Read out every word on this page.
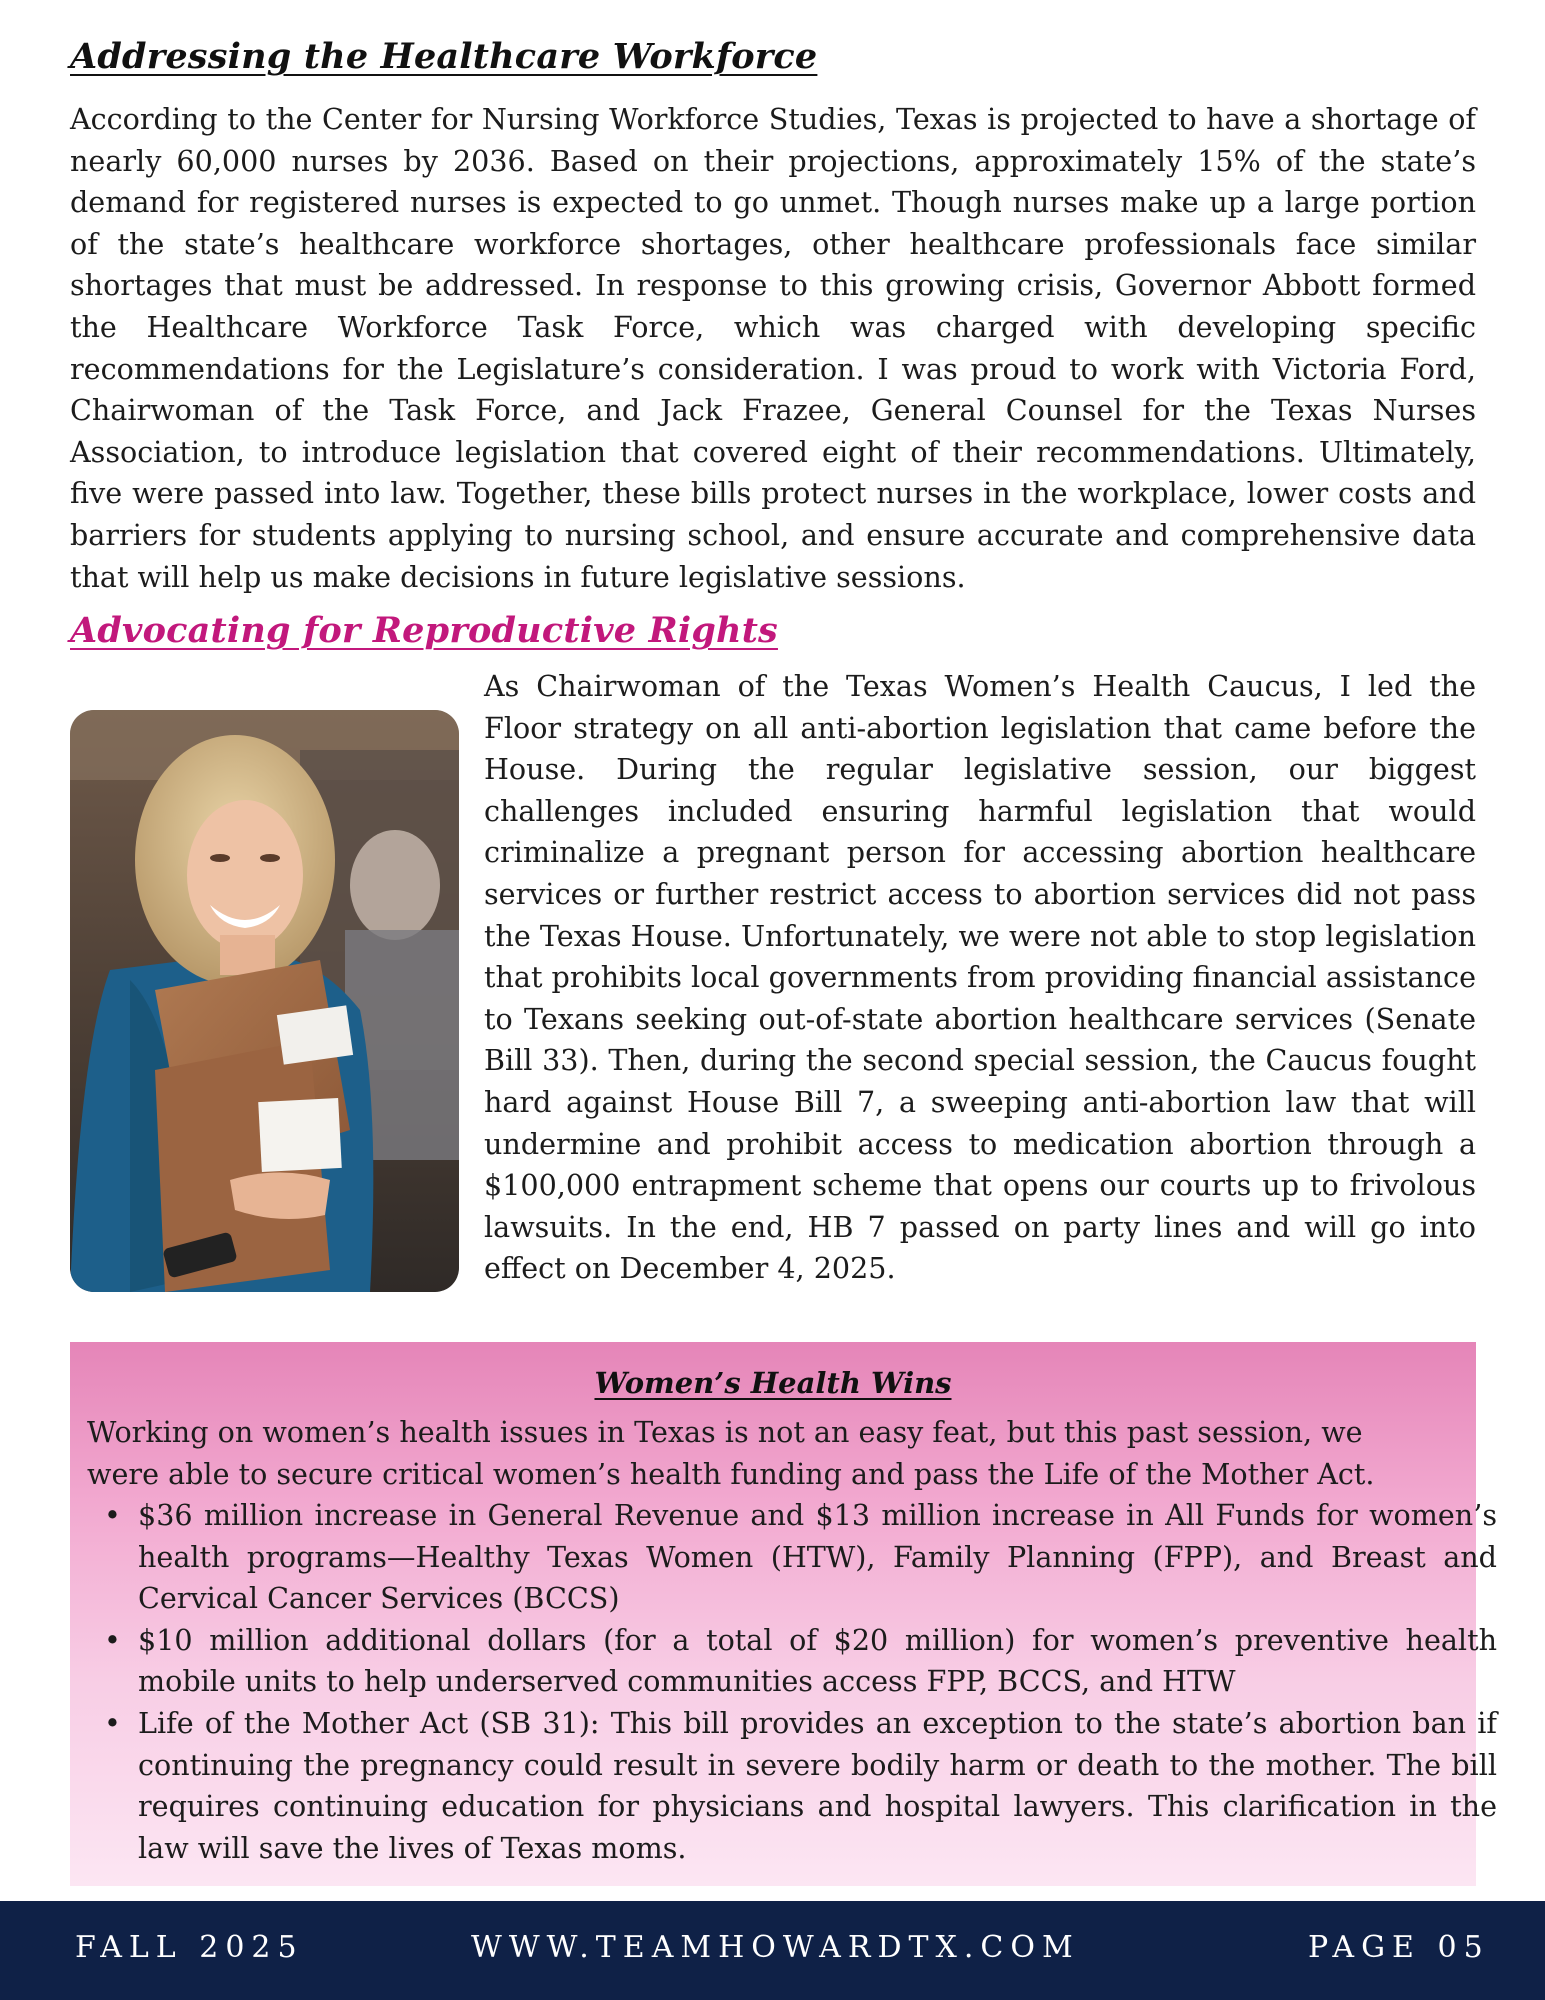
Addressing the Healthcare Workforce

According to the Center for Nursing Workforce Studies, Texas is projected to have a shortage of nearly 60,000 nurses by 2036. Based on their projections, approximately 15% of the state’s demand for registered nurses is expected to go unmet. Though nurses make up a large portion of the state’s healthcare workforce shortages, other healthcare professionals face similar shortages that must be addressed. In response to this growing crisis, Governor Abbott formed the Healthcare Workforce Task Force, which was charged with developing specific recommendations for the Legislature’s consideration. I was proud to work with Victoria Ford, Chairwoman of the Task Force, and Jack Frazee, General Counsel for the Texas Nurses Association, to introduce legislation that covered eight of their recommendations. Ultimately, five were passed into law. Together, these bills protect nurses in the workplace, lower costs and barriers for students applying to nursing school, and ensure accurate and comprehensive data that will help us make decisions in future legislative sessions.

Advocating for Reproductive Rights

As Chairwoman of the Texas Women’s Health Caucus, I led the Floor strategy on all anti-abortion legislation that came before the House. During the regular legislative session, our biggest challenges included ensuring harmful legislation that would criminalize a pregnant person for accessing abortion healthcare services or further restrict access to abortion services did not pass the Texas House. Unfortunately, we were not able to stop legislation that prohibits local governments from providing financial assistance to Texans seeking out-of-state abortion healthcare services (Senate Bill 33). Then, during the second special session, the Caucus fought hard against House Bill 7, a sweeping anti-abortion law that will undermine and prohibit access to medication abortion through a $100,000 entrapment scheme that opens our courts up to frivolous lawsuits. In the end, HB 7 passed on party lines and will go into effect on December 4, 2025.

Women’s Health Wins

Working on women’s health issues in Texas is not an easy feat, but this past session, we were able to secure critical women’s health funding and pass the Life of the Mother Act.

• $36 million increase in General Revenue and $13 million increase in All Funds for women’s health programs—Healthy Texas Women (HTW), Family Planning (FPP), and Breast and Cervical Cancer Services (BCCS)
• $10 million additional dollars (for a total of $20 million) for women’s preventive health mobile units to help underserved communities access FPP, BCCS, and HTW
• Life of the Mother Act (SB 31): This bill provides an exception to the state’s abortion ban if continuing the pregnancy could result in severe bodily harm or death to the mother. The bill requires continuing education for physicians and hospital lawyers. This clarification in the law will save the lives of Texas moms.
FALL 2025	WWW.TEAMHOWARDTX.COM	PAGE 05
